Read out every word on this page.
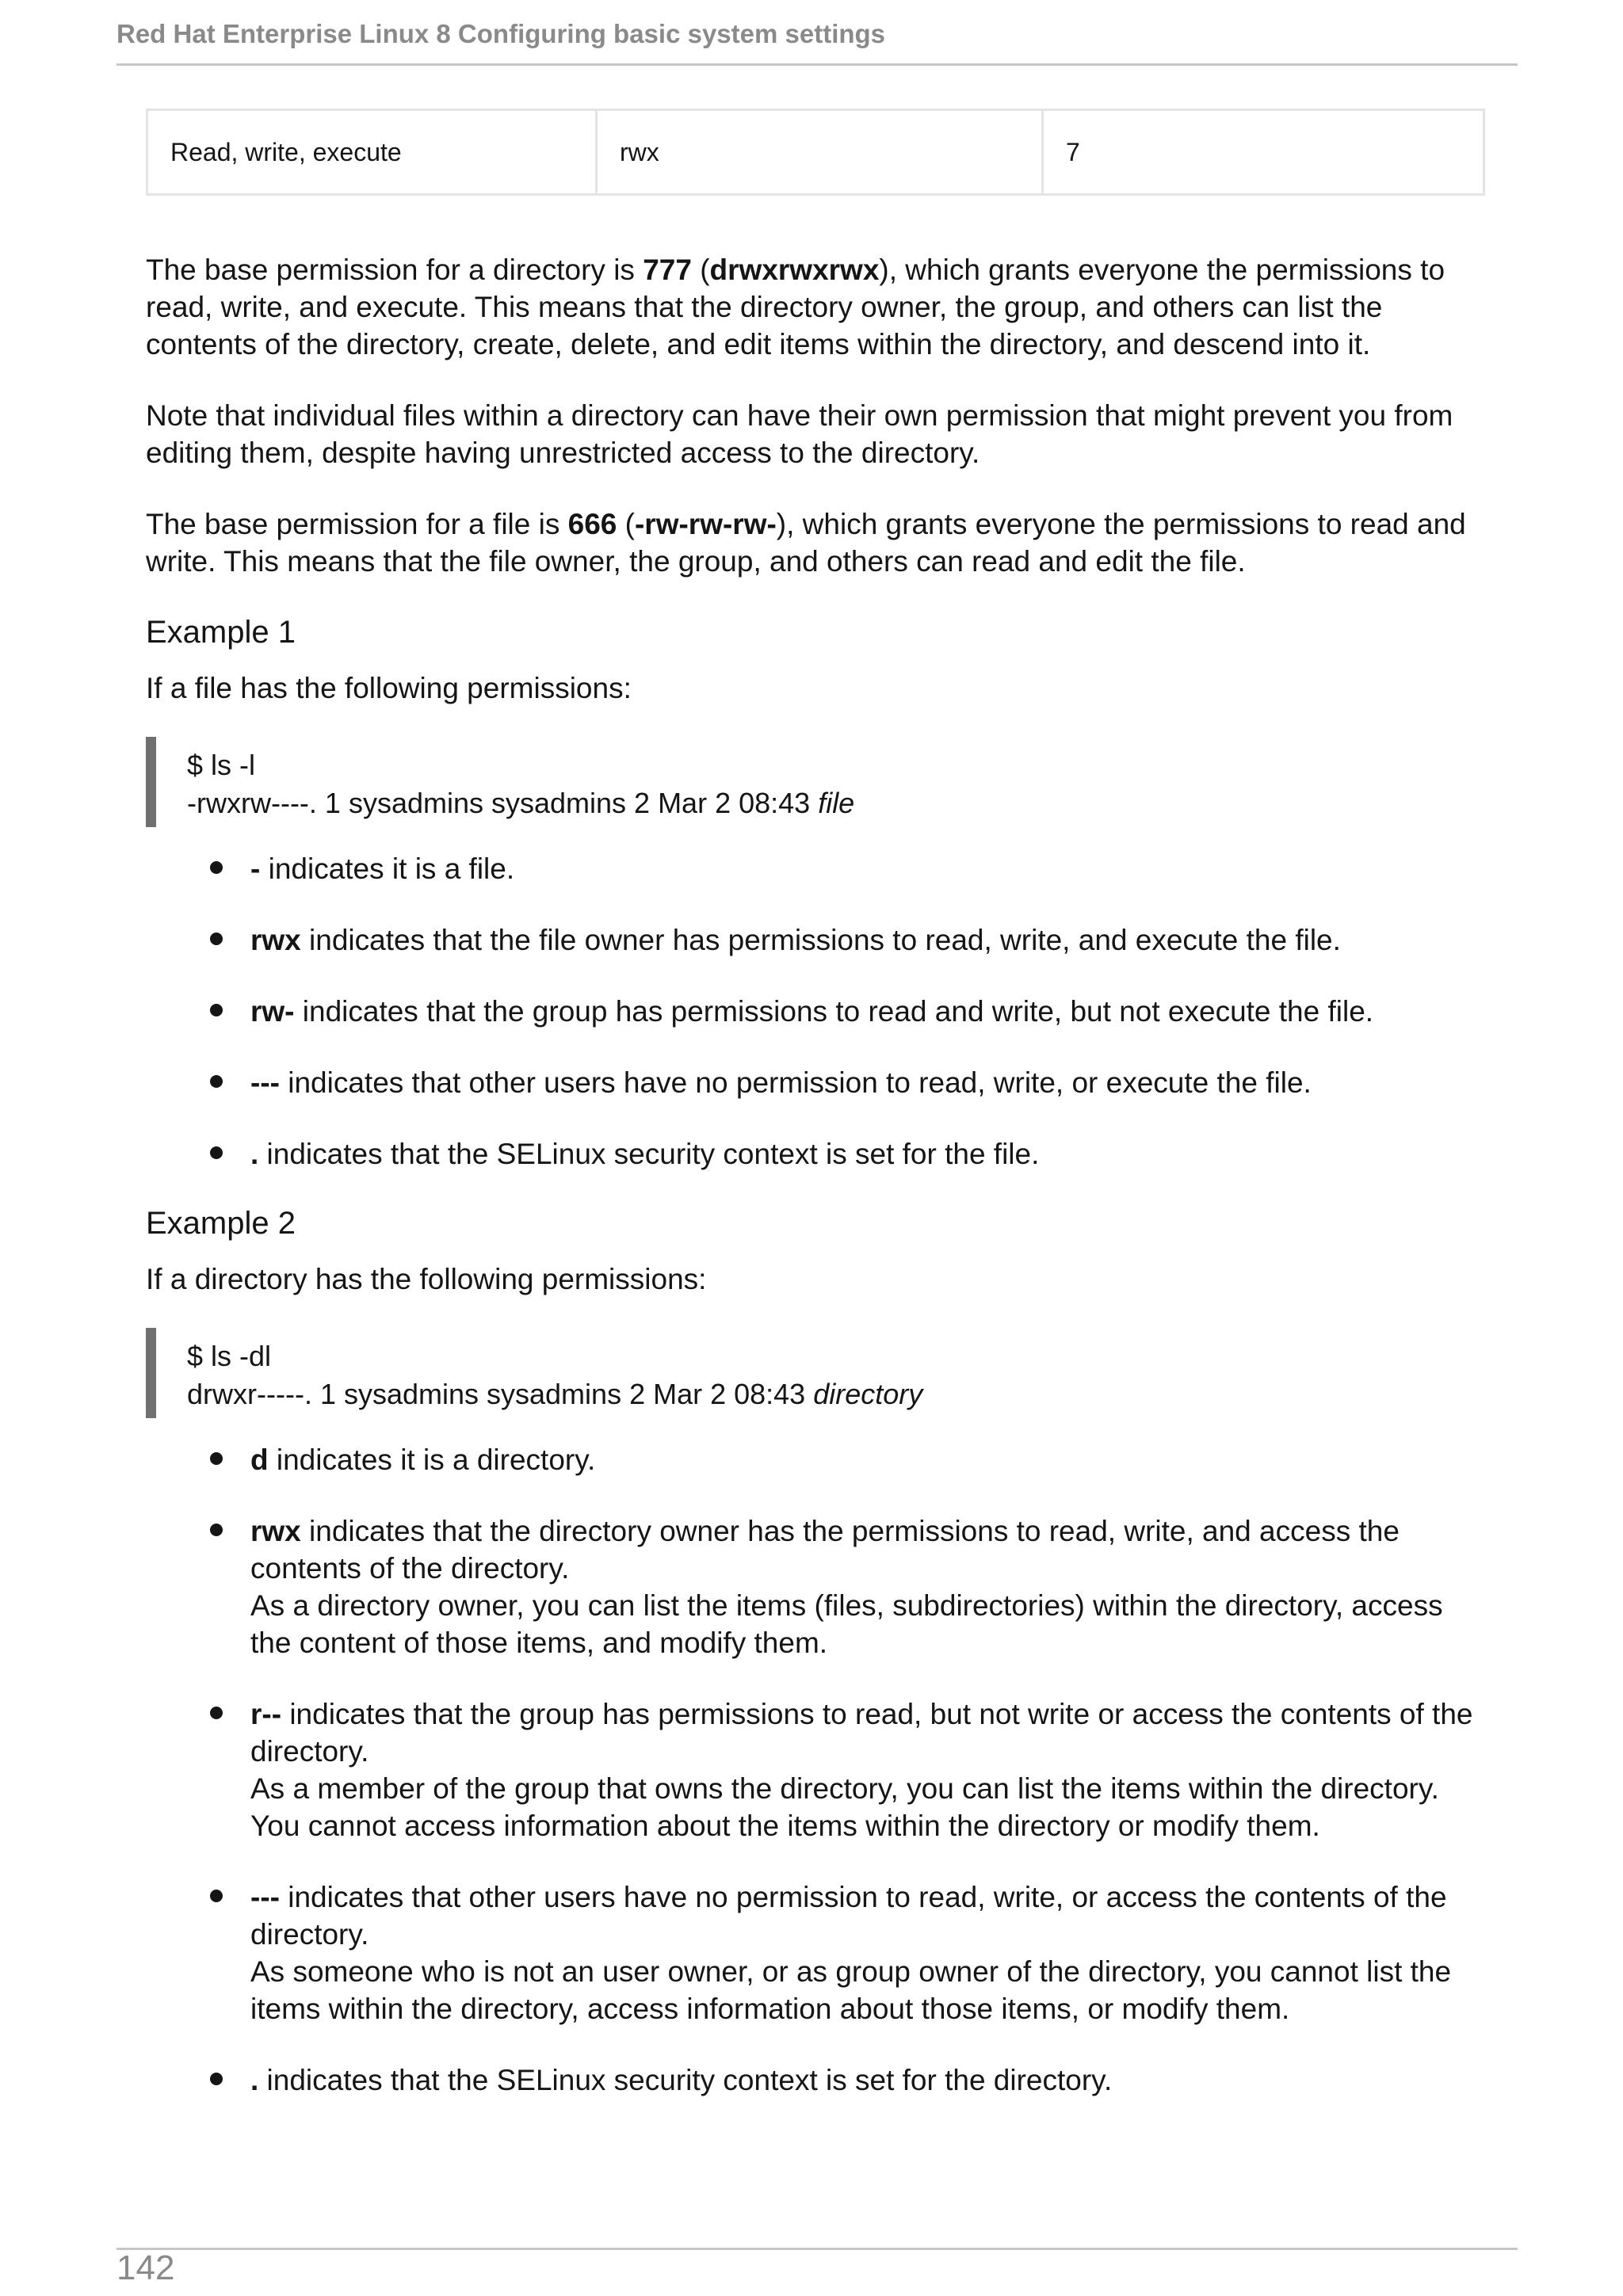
Red Hat Enterprise Linux 8 Configuring basic system settings
Read, write, execute	rwx	7

The base permission for a directory is 777 (drwxrwxrwx), which grants everyone the permissions to read, write, and execute. This means that the directory owner, the group, and others can list the contents of the directory, create, delete, and edit items within the directory, and descend into it.

Note that individual files within a directory can have their own permission that might prevent you from editing them, despite having unrestricted access to the directory.

The base permission for a file is 666 (-rw-rw-rw-), which grants everyone the permissions to read and write. This means that the file owner, the group, and others can read and edit the file.

Example 1

If a file has the following permissions:

$ ls -l
-rwxrw----. 1 sysadmins sysadmins 2 Mar 2 08:43 file
- indicates it is a file.
rwx indicates that the file owner has permissions to read, write, and execute the file.
rw- indicates that the group has permissions to read and write, but not execute the file.
--- indicates that other users have no permission to read, write, or execute the file.
. indicates that the SELinux security context is set for the file.
Example 2

If a directory has the following permissions:

$ ls -dl
drwxr-----. 1 sysadmins sysadmins 2 Mar 2 08:43 directory
d indicates it is a directory.
rwx indicates that the directory owner has the permissions to read, write, and access the contents of the directory.
As a directory owner, you can list the items (files, subdirectories) within the directory, access the content of those items, and modify them.
r-- indicates that the group has permissions to read, but not write or access the contents of the directory.
As a member of the group that owns the directory, you can list the items within the directory. You cannot access information about the items within the directory or modify them.
--- indicates that other users have no permission to read, write, or access the contents of the directory.
As someone who is not an user owner, or as group owner of the directory, you cannot list the items within the directory, access information about those items, or modify them.
. indicates that the SELinux security context is set for the directory.
142
